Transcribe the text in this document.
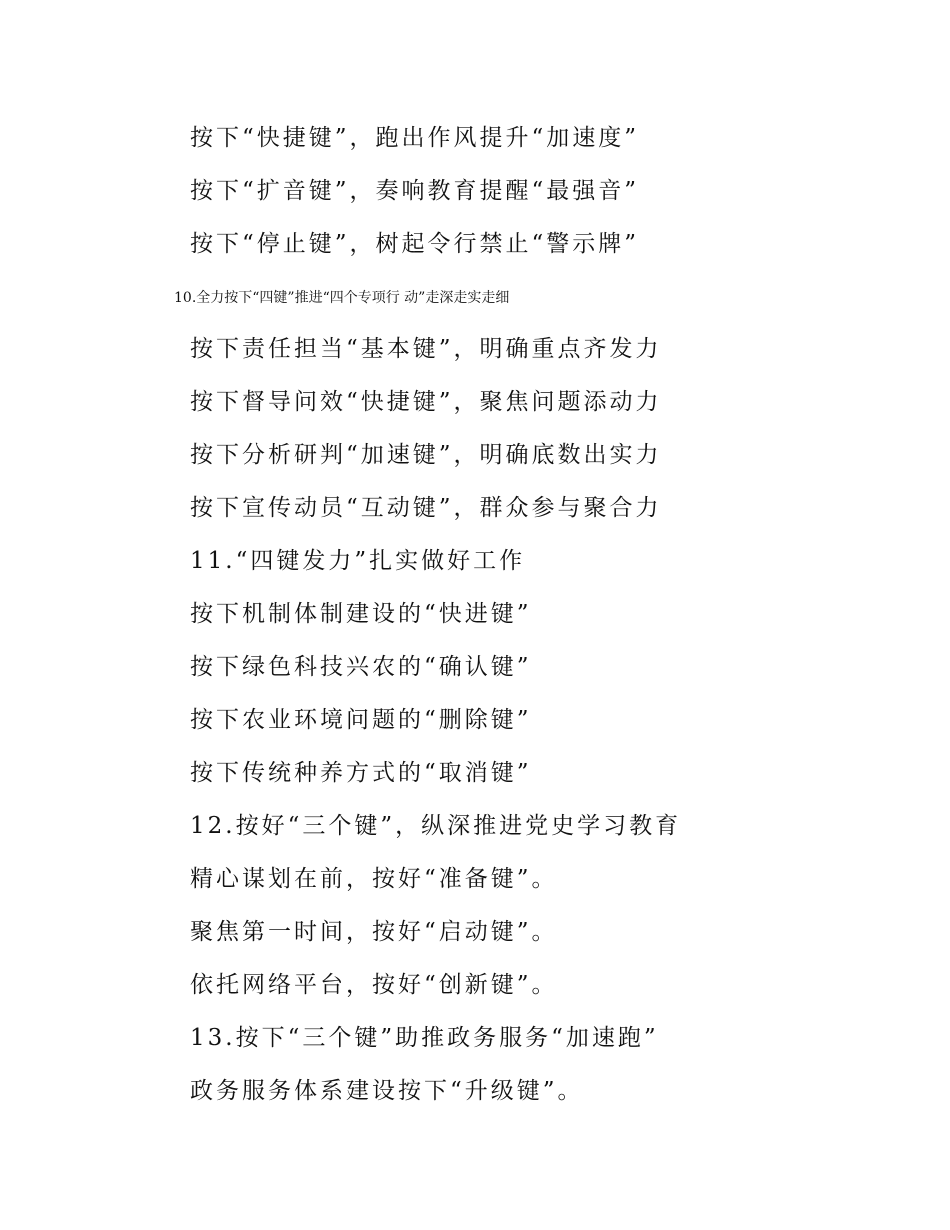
按下“快捷键”，跑出作风提升“加速度”
按下“扩音键”，奏响教育提醒“最强音”
按下“停止键”，树起令行禁止“警示牌”
10.全力按下“四键”推进“四个专项行 动”走深走实走细
按下责任担当“基本键”，明确重点齐发力
按下督导问效“快捷键”，聚焦问题添动力
按下分析研判“加速键”，明确底数出实力
按下宣传动员“互动键”，群众参与聚合力
11.“四键发力”扎实做好工作
按下机制体制建设的“快进键”
按下绿色科技兴农的“确认键”
按下农业环境问题的“删除键”
按下传统种养方式的“取消键”
12.按好“三个键”，纵深推进党史学习教育
精心谋划在前，按好“准备键”。
聚焦第一时间，按好“启动键”。
依托网络平台，按好“创新键”。
13.按下“三个键”助推政务服务“加速跑”
政务服务体系建设按下“升级键”。
